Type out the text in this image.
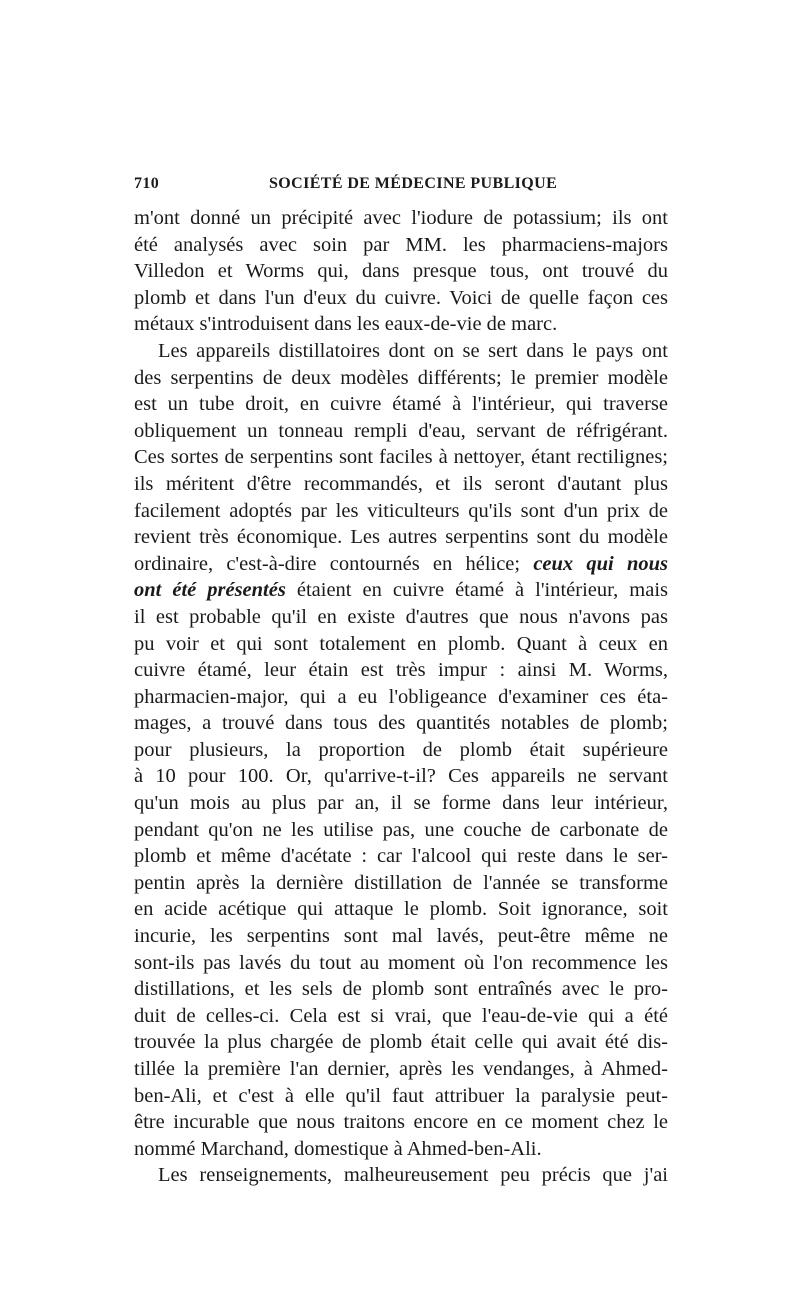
710	SOCIÉTÉ DE MÉDECINE PUBLIQUE
m'ont donné un précipité avec l'iodure de potassium; ils ont
été analysés avec soin par MM. les pharmaciens-majors
Villedon et Worms qui, dans presque tous, ont trouvé du
plomb et dans l'un d'eux du cuivre. Voici de quelle façon ces
métaux s'introduisent dans les eaux-de-vie de marc.
Les appareils distillatoires dont on se sert dans le pays ont
des serpentins de deux modèles différents; le premier modèle
est un tube droit, en cuivre étamé à l'intérieur, qui traverse
obliquement un tonneau rempli d'eau, servant de réfrigérant.
Ces sortes de serpentins sont faciles à nettoyer, étant rectilignes;
ils méritent d'être recommandés, et ils seront d'autant plus
facilement adoptés par les viticulteurs qu'ils sont d'un prix de
revient très économique. Les autres serpentins sont du modèle
ordinaire, c'est-à-dire contournés en hélice; ceux qui nous
ont été présentés étaient en cuivre étamé à l'intérieur, mais
il est probable qu'il en existe d'autres que nous n'avons pas
pu voir et qui sont totalement en plomb. Quant à ceux en
cuivre étamé, leur étain est très impur : ainsi M. Worms,
pharmacien-major, qui a eu l'obligeance d'examiner ces éta-
mages, a trouvé dans tous des quantités notables de plomb;
pour plusieurs, la proportion de plomb était supérieure
à 10 pour 100. Or, qu'arrive-t-il? Ces appareils ne servant
qu'un mois au plus par an, il se forme dans leur intérieur,
pendant qu'on ne les utilise pas, une couche de carbonate de
plomb et même d'acétate : car l'alcool qui reste dans le ser-
pentin après la dernière distillation de l'année se transforme
en acide acétique qui attaque le plomb. Soit ignorance, soit
incurie, les serpentins sont mal lavés, peut-être même ne
sont-ils pas lavés du tout au moment où l'on recommence les
distillations, et les sels de plomb sont entraînés avec le pro-
duit de celles-ci. Cela est si vrai, que l'eau-de-vie qui a été
trouvée la plus chargée de plomb était celle qui avait été dis-
tillée la première l'an dernier, après les vendanges, à Ahmed-
ben-Ali, et c'est à elle qu'il faut attribuer la paralysie peut-
être incurable que nous traitons encore en ce moment chez le
nommé Marchand, domestique à Ahmed-ben-Ali.
Les renseignements, malheureusement peu précis que j'ai
